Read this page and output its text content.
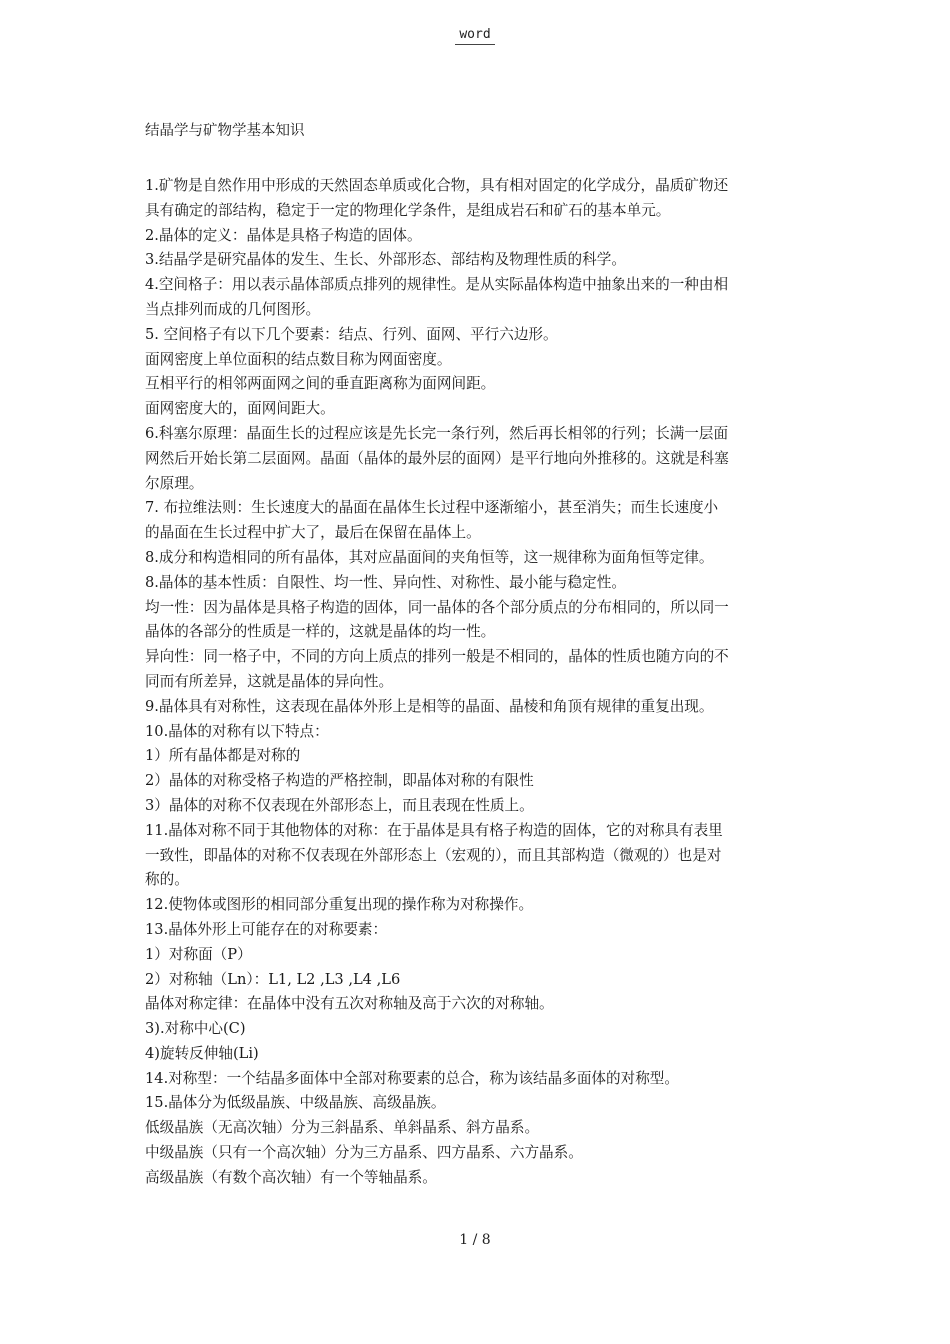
word
结晶学与矿物学基本知识

1.矿物是自然作用中形成的天然固态单质或化合物，具有相对固定的化学成分，晶质矿物还

具有确定的部结构，稳定于一定的物理化学条件，是组成岩石和矿石的基本单元。

2.晶体的定义：晶体是具格子构造的固体。

3.结晶学是研究晶体的发生、生长、外部形态、部结构及物理性质的科学。

4.空间格子：用以表示晶体部质点排列的规律性。是从实际晶体构造中抽象出来的一种由相

当点排列而成的几何图形。

5. 空间格子有以下几个要素：结点、行列、面网、平行六边形。

面网密度上单位面积的结点数目称为网面密度。

互相平行的相邻两面网之间的垂直距离称为面网间距。

面网密度大的，面网间距大。

6.科塞尔原理：晶面生长的过程应该是先长完一条行列，然后再长相邻的行列；长满一层面

网然后开始长第二层面网。晶面（晶体的最外层的面网）是平行地向外推移的。这就是科塞

尔原理。

7. 布拉维法则：生长速度大的晶面在晶体生长过程中逐渐缩小，甚至消失；而生长速度小

的晶面在生长过程中扩大了，最后在保留在晶体上。

8.成分和构造相同的所有晶体，其对应晶面间的夹角恒等，这一规律称为面角恒等定律。

8.晶体的基本性质：自限性、均一性、异向性、对称性、最小能与稳定性。

均一性：因为晶体是具格子构造的固体，同一晶体的各个部分质点的分布相同的，所以同一

晶体的各部分的性质是一样的，这就是晶体的均一性。

异向性：同一格子中，不同的方向上质点的排列一般是不相同的，晶体的性质也随方向的不

同而有所差异，这就是晶体的异向性。

9.晶体具有对称性，这表现在晶体外形上是相等的晶面、晶棱和角顶有规律的重复出现。

10.晶体的对称有以下特点：

1）所有晶体都是对称的

2）晶体的对称受格子构造的严格控制，即晶体对称的有限性

3）晶体的对称不仅表现在外部形态上，而且表现在性质上。

11.晶体对称不同于其他物体的对称：在于晶体是具有格子构造的固体，它的对称具有表里

一致性，即晶体的对称不仅表现在外部形态上（宏观的），而且其部构造（微观的）也是对

称的。

12.使物体或图形的相同部分重复出现的操作称为对称操作。

13.晶体外形上可能存在的对称要素：

1）对称面（P）

2）对称轴（Ln）：L1, L2 ,L3 ,L4 ,L6

晶体对称定律：在晶体中没有五次对称轴及高于六次的对称轴。

3).对称中心(C)

4)旋转反伸轴(Li)

14.对称型：一个结晶多面体中全部对称要素的总合，称为该结晶多面体的对称型。

15.晶体分为低级晶族、中级晶族、高级晶族。

低级晶族（无高次轴）分为三斜晶系、单斜晶系、斜方晶系。

中级晶族（只有一个高次轴）分为三方晶系、四方晶系、六方晶系。

高级晶族（有数个高次轴）有一个等轴晶系。

1 / 8
